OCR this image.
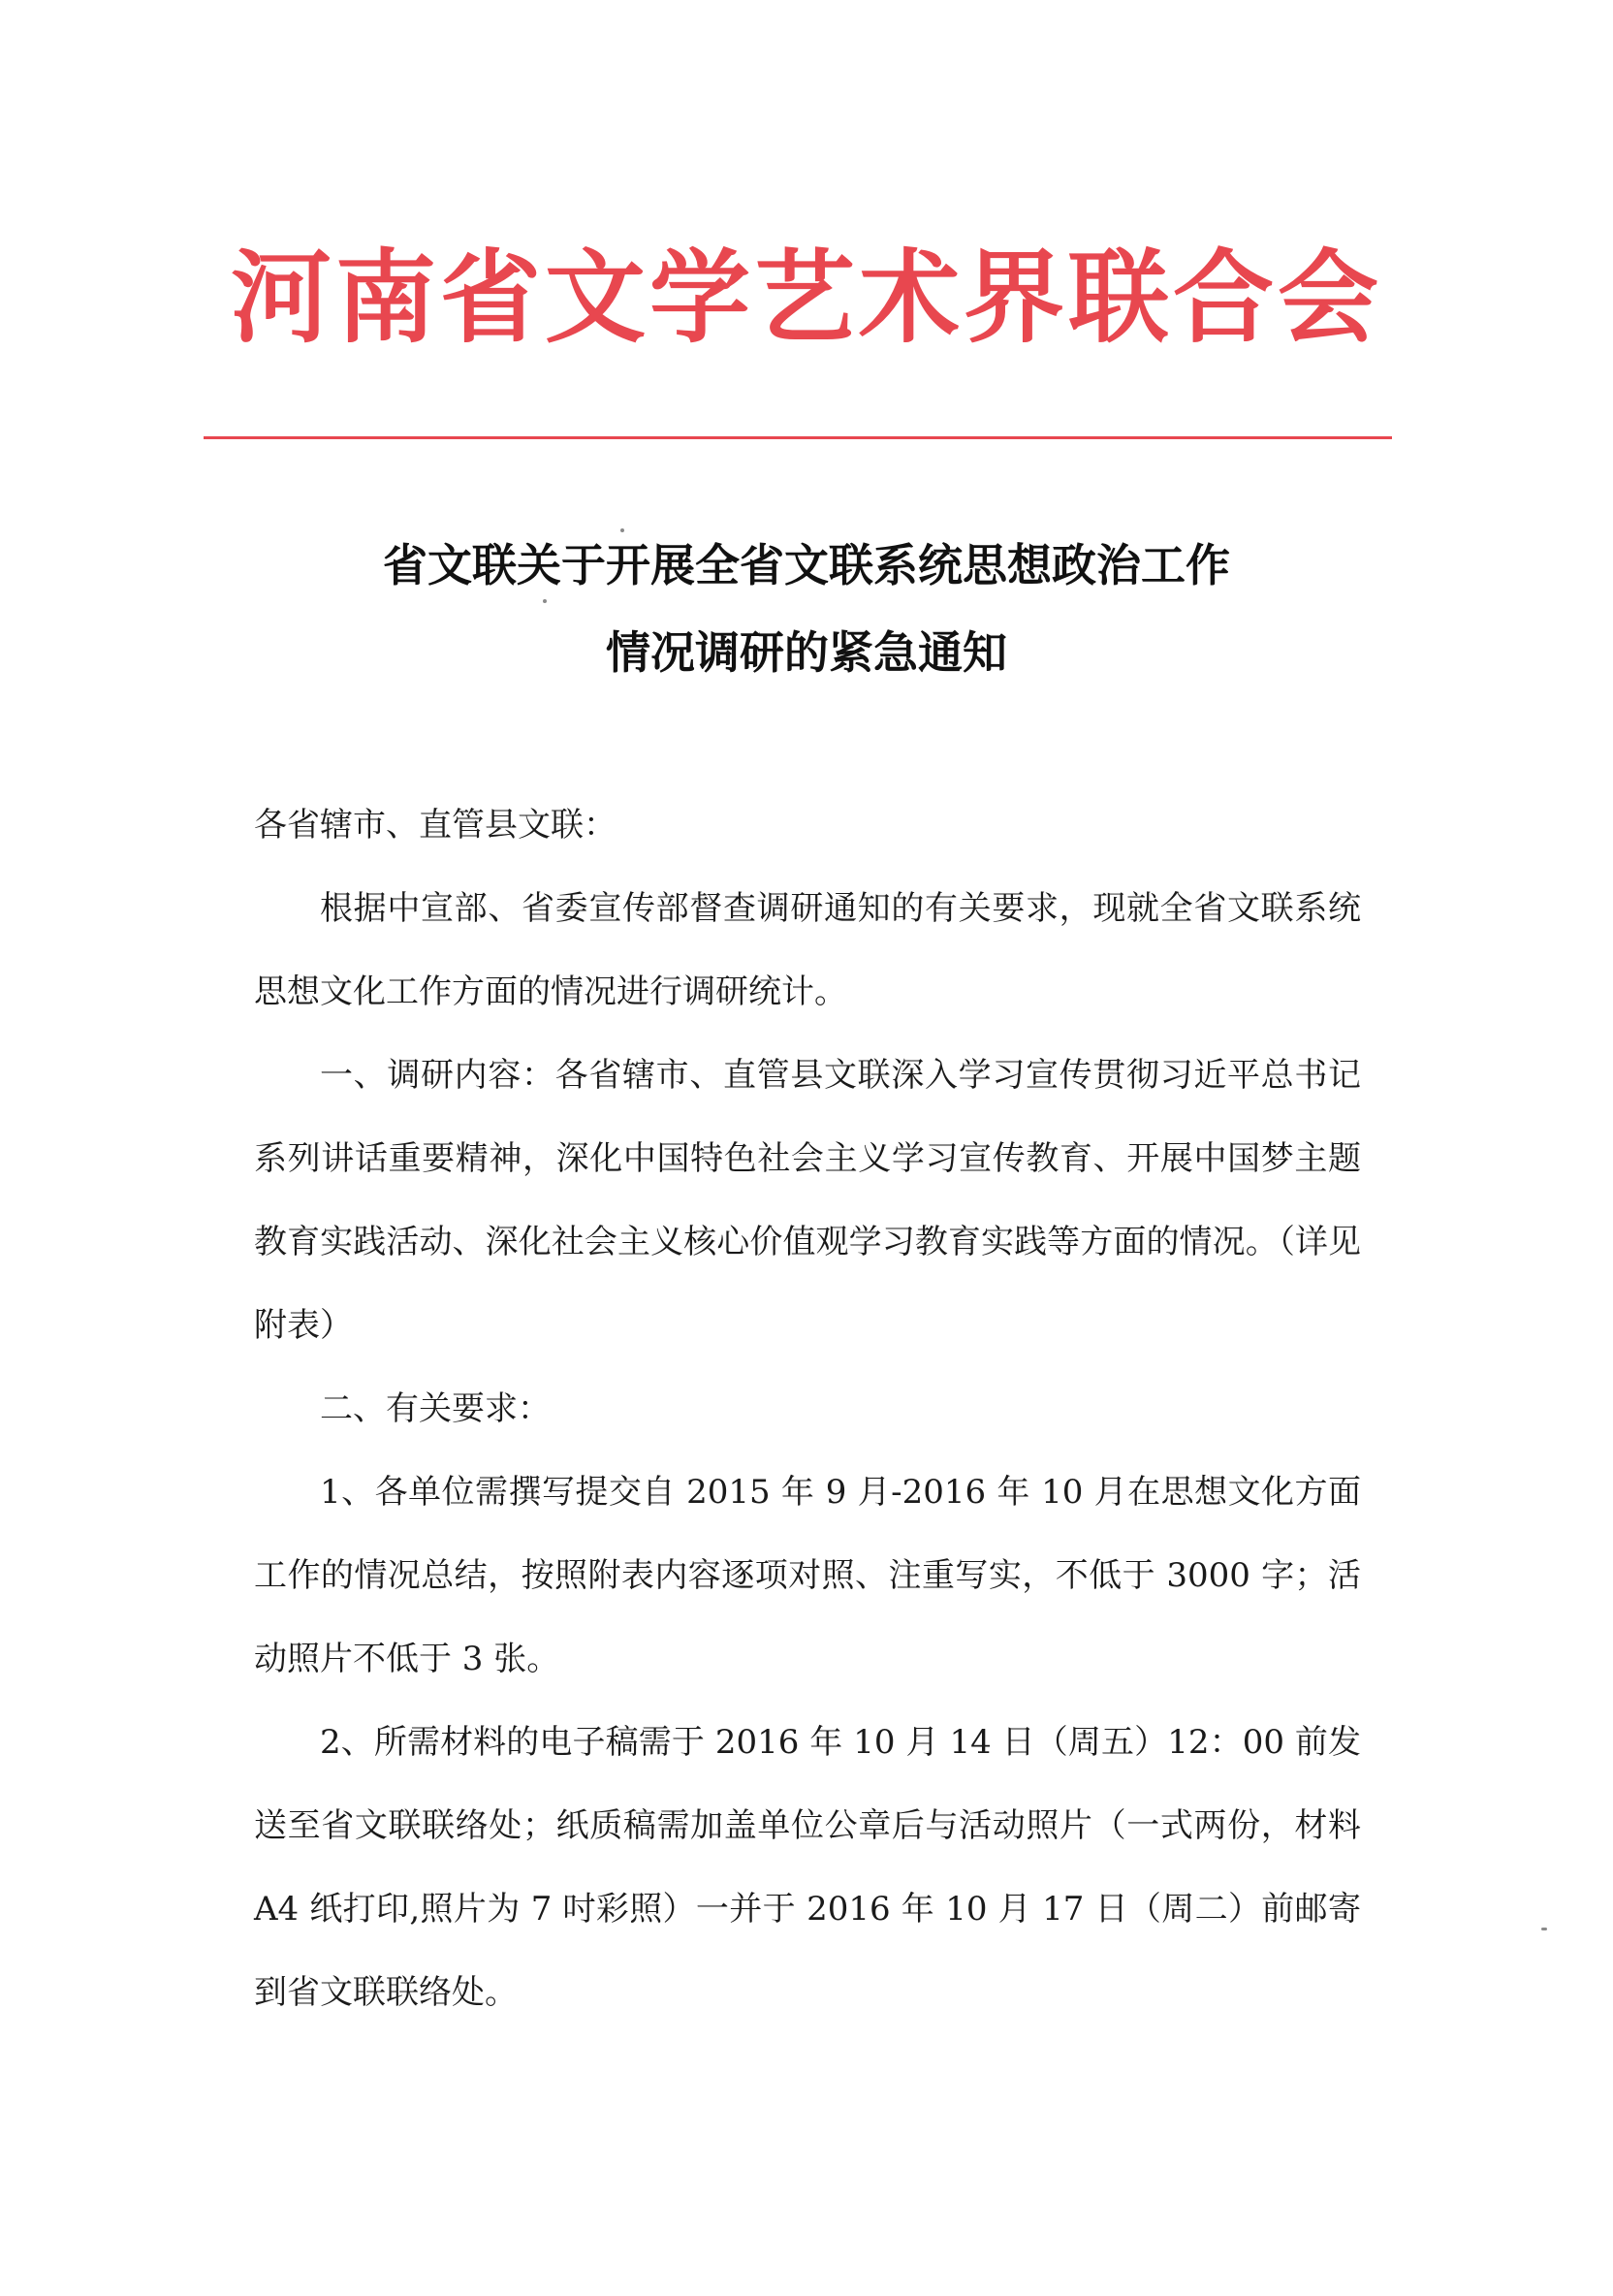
河南省文学艺术界联合会
省文联关于开展全省文联系统思想政治工作
情况调研的紧急通知

各省辖市、直管县文联：

根据中宣部、省委宣传部督查调研通知的有关要求，现就全省文联系统思想文化工作方面的情况进行调研统计。

一、调研内容：各省辖市、直管县文联深入学习宣传贯彻习近平总书记系列讲话重要精神，深化中国特色社会主义学习宣传教育、开展中国梦主题教育实践活动、深化社会主义核心价值观学习教育实践等方面的情况。（详见附表）

二、有关要求：

1、各单位需撰写提交自 2015 年 9 月-2016 年 10 月在思想文化方面工作的情况总结，按照附表内容逐项对照、注重写实，不低于 3000 字；活动照片不低于 3 张。

2、所需材料的电子稿需于 2016 年 10 月 14 日（周五）12：00 前发送至省文联联络处；纸质稿需加盖单位公章后与活动照片（一式两份，材料 A4 纸打印,照片为 7 吋彩照）一并于 2016 年 10 月 17 日（周二）前邮寄到省文联联络处。
